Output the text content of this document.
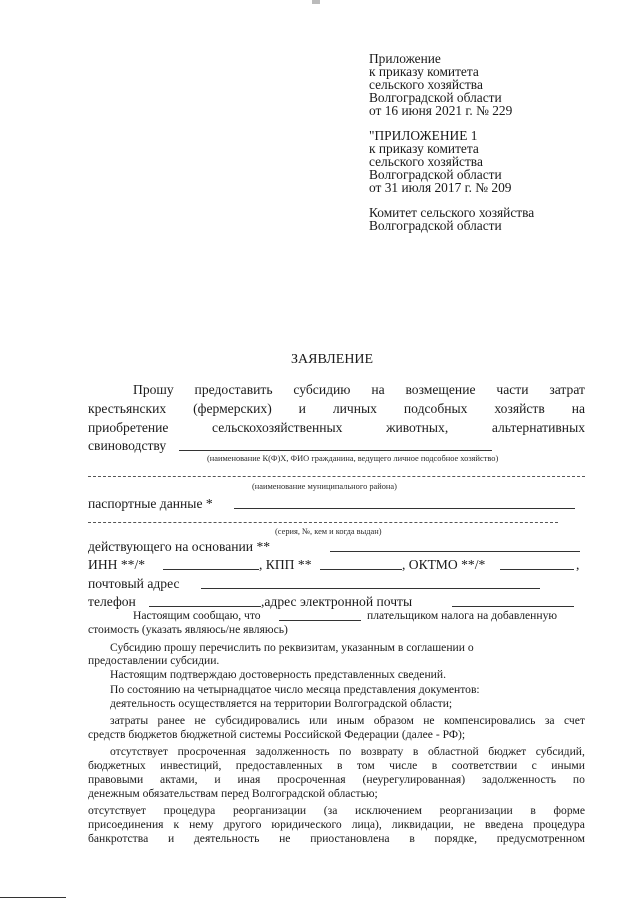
Приложение
к приказу комитета
сельского хозяйства
Волгоградской области
от 16 июня 2021 г. № 229
"ПРИЛОЖЕНИЕ 1
к приказу комитета
сельского хозяйства
Волгоградской области
от 31 июля 2017 г. № 209
Комитет сельского хозяйства
Волгоградской области
ЗАЯВЛЕНИЕ
Прошу предоставить субсидию на возмещение части затрат
крестьянских (фермерских) и личных подсобных хозяйств на
приобретение	сельскохозяйственных	животных,	альтернативных
свиноводству
(наименование К(Ф)Х, ФИО гражданина, ведущего личное подсобное хозяйство)
(наименование муниципального района)
паспортные данные *
(серия, №, кем и когда выдан)
действующего на основании **
ИНН **/*	, КПП **	, ОКТМО **/*	,
почтовый адрес
телефон	,адрес электронной почты
Настоящим сообщаю, что	плательщиком налога на добавленную
стоимость (указать являюсь/не являюсь)
Субсидию прошу перечислить по реквизитам, указанным в соглашении о
предоставлении субсидии.
Настоящим подтверждаю достоверность представленных сведений.
По состоянию на четырнадцатое число месяца представления документов:
деятельность осуществляется на территории Волгоградской области;
затраты ранее не субсидировались или иным образом не компенсировались за счет
средств бюджетов бюджетной системы Российской Федерации (далее - РФ);
отсутствует просроченная задолженность по возврату в областной бюджет субсидий,
бюджетных инвестиций, предоставленных в том числе в соответствии с иными
правовыми актами, и иная просроченная (неурегулированная) задолженность по
денежным обязательствам перед Волгоградской областью;
отсутствует процедура реорганизации (за исключением реорганизации в форме
присоединения к нему другого юридического лица), ликвидации, не введена процедура
банкротства и деятельность не приостановлена в порядке, предусмотренном
